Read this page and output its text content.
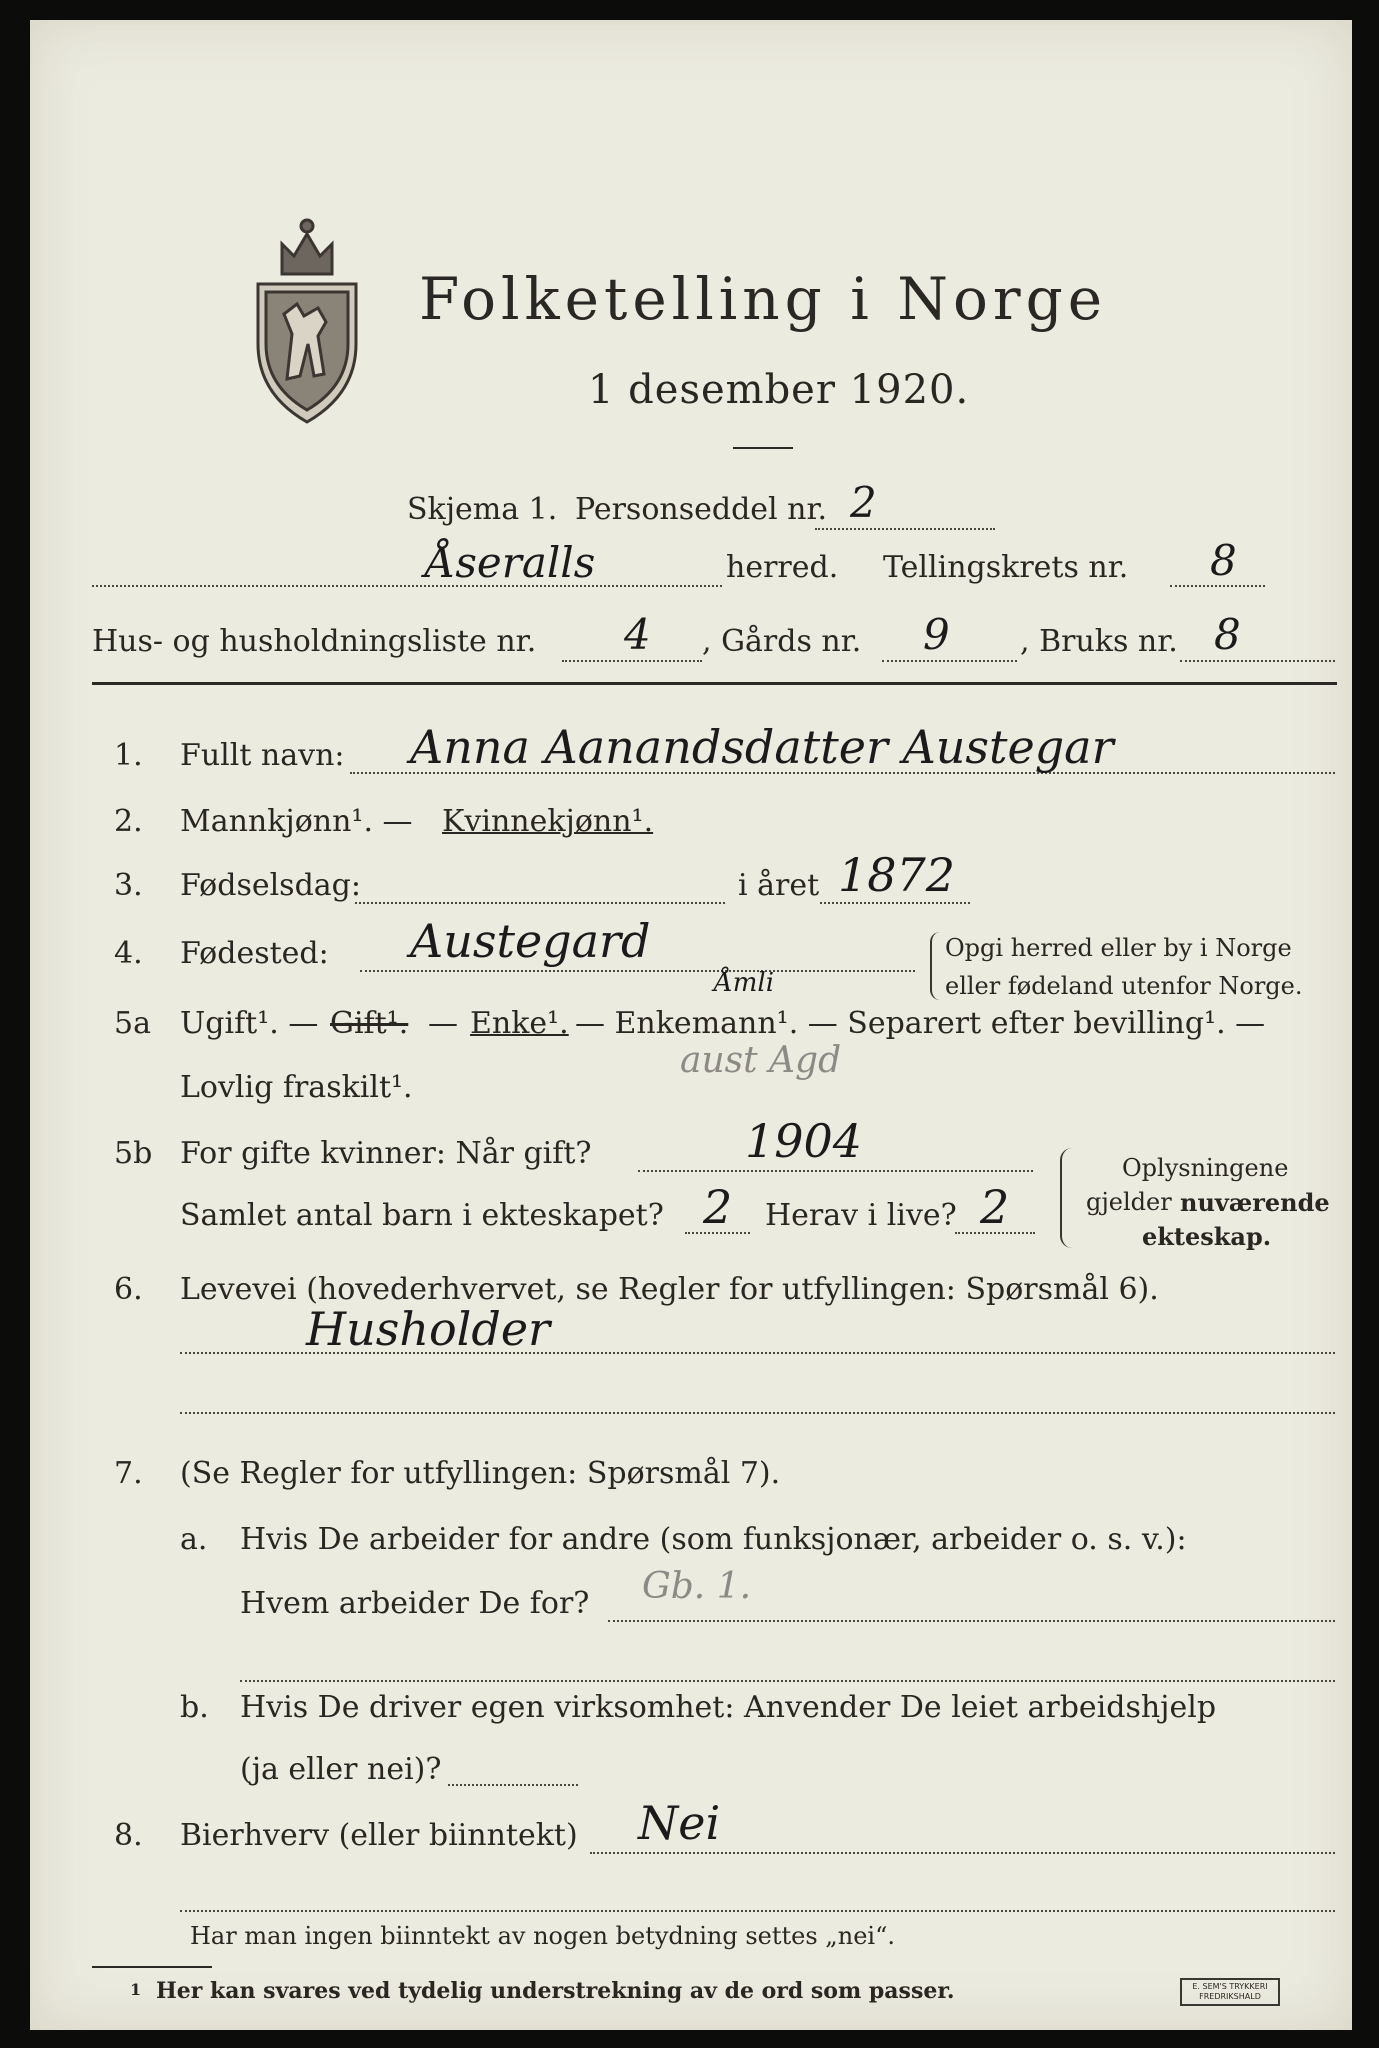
Folketelling i Norge
1 desember 1920.
Skjema 1. Personseddel nr. 2
Åseralls	herred. Tellingskrets nr. 8
Hus- og husholdningsliste nr. 4 , Gårds nr. 9 , Bruks nr. 8
1. Fullt navn: Anna Aanandsdatter Austegar
2. Mannkjønn¹. — Kvinnekjønn¹.
3. Fødselsdag:	i året 1872
4. Fødested: Austegard
Åmli
Opgi herred eller by i Norge
eller fødeland utenfor Norge.
5a Ugift¹. — Gift¹. — Enke¹. — Enkemann¹. — Separert efter bevilling¹. —
Lovlig fraskilt¹.
aust Agd
5b For gifte kvinner: Når gift?	1904
Samlet antal barn i ekteskapet? 2 Herav i live? 2
Oplysningene
gjelder nuværende
ekteskap.
6. Levevei (hovederhvervet, se Regler for utfyllingen: Spørsmål 6).
Husholder
7. (Se Regler for utfyllingen: Spørsmål 7).
a. Hvis De arbeider for andre (som funksjonær, arbeider o. s. v.):
Hvem arbeider De for? Gb. 1.
b. Hvis De driver egen virksomhet: Anvender De leiet arbeidshjelp
(ja eller nei)?
8. Bierhverv (eller biinntekt) Nei
Har man ingen biinntekt av nogen betydning settes „nei“.
1 Her kan svares ved tydelig understrekning av de ord som passer.	E. SEM'S TRYKKERI
FREDRIKSHALD
